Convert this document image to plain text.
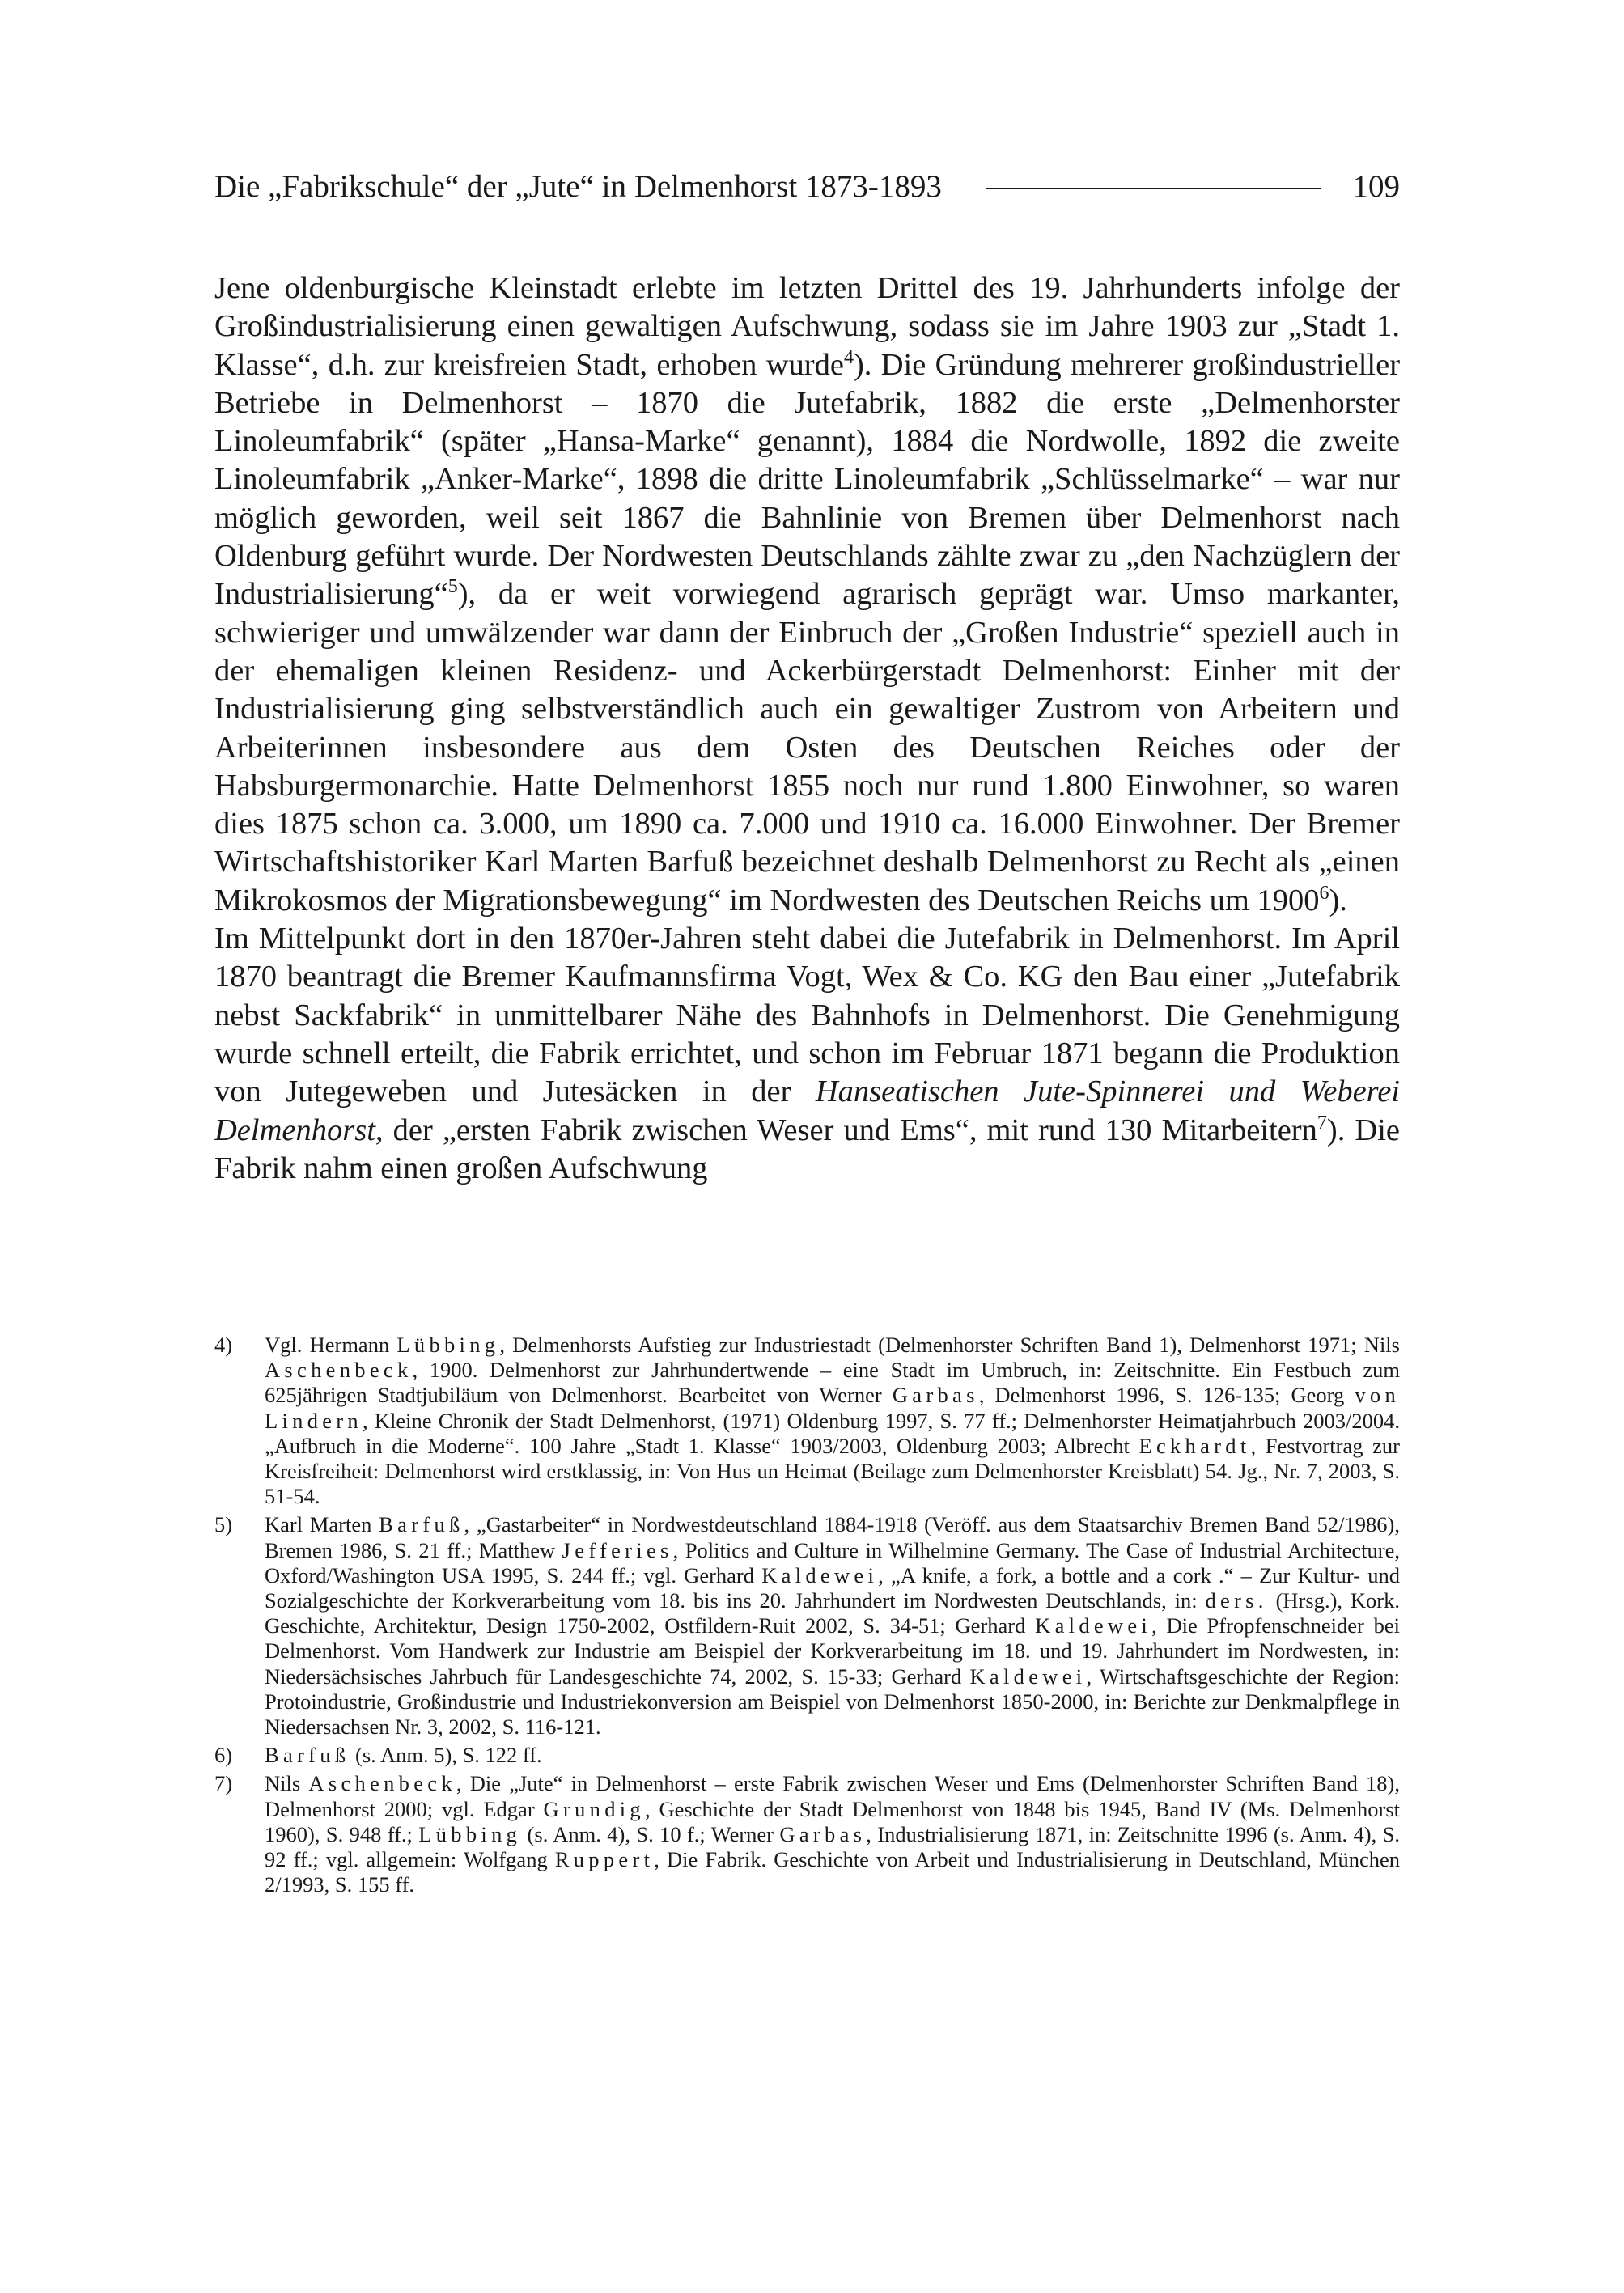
Die „Fabrikschule“ der „Jute“ in Delmenhorst 1873-1893	109

Jene oldenburgische Kleinstadt erlebte im letzten Drittel des 19. Jahrhunderts infolge der Großindustrialisierung einen gewaltigen Aufschwung, sodass sie im Jahre 1903 zur „Stadt 1. Klasse“, d.h. zur kreisfreien Stadt, erhoben wurde$^4$). Die Gründung mehrerer großindustrieller Betriebe in Delmenhorst – 1870 die Jutefabrik, 1882 die erste „Delmenhorster Linoleumfabrik“ (später „Hansa-Marke“ genannt), 1884 die Nordwolle, 1892 die zweite Linoleumfabrik „Anker-Marke“, 1898 die dritte Linoleumfabrik „Schlüsselmarke“ – war nur möglich geworden, weil seit 1867 die Bahnlinie von Bremen über Delmenhorst nach Oldenburg geführt wurde. Der Nordwesten Deutschlands zählte zwar zu „den Nachzüglern der Industrialisierung“$^5$), da er weit vorwiegend agrarisch geprägt war. Umso markanter, schwieriger und umwälzender war dann der Einbruch der „Großen Industrie“ speziell auch in der ehemaligen kleinen Residenz- und Ackerbürgerstadt Delmenhorst: Einher mit der Industrialisierung ging selbstverständlich auch ein gewaltiger Zustrom von Arbeitern und Arbeiterinnen insbesondere aus dem Osten des Deutschen Reiches oder der Habsburgermonarchie. Hatte Delmenhorst 1855 noch nur rund 1.800 Einwohner, so waren dies 1875 schon ca. 3.000, um 1890 ca. 7.000 und 1910 ca. 16.000 Einwohner. Der Bremer Wirtschaftshistoriker Karl Marten Barfuß bezeichnet deshalb Delmenhorst zu Recht als „einen Mikrokosmos der Migrationsbewegung“ im Nordwesten des Deutschen Reichs um 1900$^6$).

Im Mittelpunkt dort in den 1870er-Jahren steht dabei die Jutefabrik in Delmenhorst. Im April 1870 beantragt die Bremer Kaufmannsfirma Vogt, Wex & Co. KG den Bau einer „Jutefabrik nebst Sackfabrik“ in unmittelbarer Nähe des Bahnhofs in Delmenhorst. Die Genehmigung wurde schnell erteilt, die Fabrik errichtet, und schon im Februar 1871 begann die Produktion von Jutegeweben und Jutesäcken in der Hanseatischen Jute-Spinnerei und Weberei Delmenhorst, der „ersten Fabrik zwischen Weser und Ems“, mit rund 130 Mitarbeitern$^7$). Die Fabrik nahm einen großen Aufschwung

4)	Vgl. Hermann Lübbing, Delmenhorsts Aufstieg zur Industriestadt (Delmenhorster Schriften Band 1), Delmenhorst 1971; Nils Aschenbeck, 1900. Delmenhorst zur Jahrhundertwende – eine Stadt im Umbruch, in: Zeitschnitte. Ein Festbuch zum 625jährigen Stadtjubiläum von Delmenhorst. Bearbeitet von Werner Garbas, Delmenhorst 1996, S. 126-135; Georg von Lindern, Kleine Chronik der Stadt Delmenhorst, (1971) Oldenburg 1997, S. 77 ff.; Delmenhorster Heimatjahrbuch 2003/2004. „Aufbruch in die Moderne“. 100 Jahre „Stadt 1. Klasse“ 1903/2003, Oldenburg 2003; Albrecht Eckhardt, Festvortrag zur Kreisfreiheit: Delmenhorst wird erstklassig, in: Von Hus un Heimat (Beilage zum Delmenhorster Kreisblatt) 54. Jg., Nr. 7, 2003, S. 51-54.
5)	Karl Marten Barfuß, „Gastarbeiter“ in Nordwestdeutschland 1884-1918 (Veröff. aus dem Staatsarchiv Bremen Band 52/1986), Bremen 1986, S. 21 ff.; Matthew Jefferies, Politics and Culture in Wilhelmine Germany. The Case of Industrial Architecture, Oxford/Washington USA 1995, S. 244 ff.; vgl. Gerhard Kaldewei, „A knife, a fork, a bottle and a cork .“ – Zur Kultur- und Sozialgeschichte der Korkverarbeitung vom 18. bis ins 20. Jahrhundert im Nordwesten Deutschlands, in: ders. (Hrsg.), Kork. Geschichte, Architektur, Design 1750-2002, Ostfildern-Ruit 2002, S. 34-51; Gerhard Kaldewei, Die Pfropfenschneider bei Delmenhorst. Vom Handwerk zur Industrie am Beispiel der Korkverarbeitung im 18. und 19. Jahrhundert im Nordwesten, in: Niedersächsisches Jahrbuch für Landesgeschichte 74, 2002, S. 15-33; Gerhard Kaldewei, Wirtschaftsgeschichte der Region: Protoindustrie, Großindustrie und Industriekonversion am Beispiel von Delmenhorst 1850-2000, in: Berichte zur Denkmalpflege in Niedersachsen Nr. 3, 2002, S. 116-121.
6)	Barfuß (s. Anm. 5), S. 122 ff.
7)	Nils Aschenbeck, Die „Jute“ in Delmenhorst – erste Fabrik zwischen Weser und Ems (Delmenhorster Schriften Band 18), Delmenhorst 2000; vgl. Edgar Grundig, Geschichte der Stadt Delmenhorst von 1848 bis 1945, Band IV (Ms. Delmenhorst 1960), S. 948 ff.; Lübbing (s. Anm. 4), S. 10 f.; Werner Garbas, Industrialisierung 1871, in: Zeitschnitte 1996 (s. Anm. 4), S. 92 ff.; vgl. allgemein: Wolfgang Ruppert, Die Fabrik. Geschichte von Arbeit und Industrialisierung in Deutschland, München 2/1993, S. 155 ff.
